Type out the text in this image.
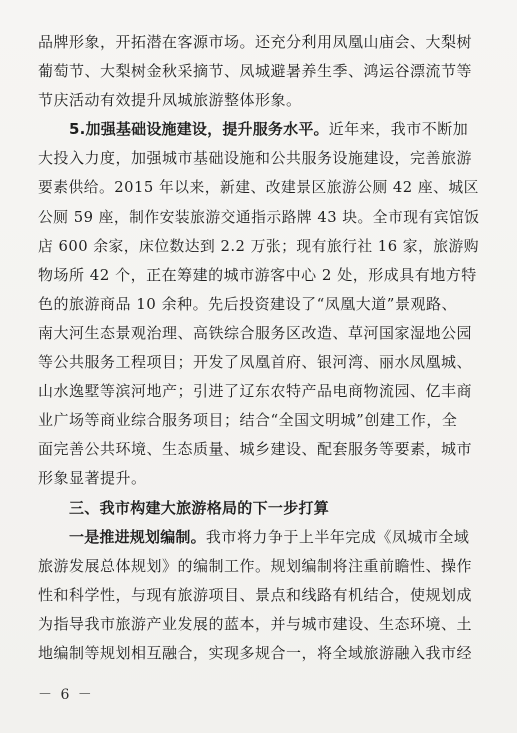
品牌形象，开拓潜在客源市场。还充分利用凤凰山庙会、大梨树
葡萄节、大梨树金秋采摘节、凤城避暑养生季、鸿运谷漂流节等
节庆活动有效提升凤城旅游整体形象。
5.加强基础设施建设，提升服务水平。近年来，我市不断加
大投入力度，加强城市基础设施和公共服务设施建设，完善旅游
要素供给。2015 年以来，新建、改建景区旅游公厕 42 座、城区
公厕 59 座，制作安装旅游交通指示路牌 43 块。全市现有宾馆饭
店 600 余家，床位数达到 2.2 万张；现有旅行社 16 家，旅游购
物场所 42 个，正在筹建的城市游客中心 2 处，形成具有地方特
色的旅游商品 10 余种。先后投资建设了“凤凰大道”景观路、
南大河生态景观治理、高铁综合服务区改造、草河国家湿地公园
等公共服务工程项目；开发了凤凰首府、银河湾、丽水凤凰城、
山水逸墅等滨河地产；引进了辽东农特产品电商物流园、亿丰商
业广场等商业综合服务项目；结合“全国文明城”创建工作，全
面完善公共环境、生态质量、城乡建设、配套服务等要素，城市
形象显著提升。
三、我市构建大旅游格局的下一步打算
一是推进规划编制。我市将力争于上半年完成《凤城市全域
旅游发展总体规划》的编制工作。规划编制将注重前瞻性、操作
性和科学性，与现有旅游项目、景点和线路有机结合，使规划成
为指导我市旅游产业发展的蓝本，并与城市建设、生态环境、土
地编制等规划相互融合，实现多规合一，将全域旅游融入我市经
－ 6 －
